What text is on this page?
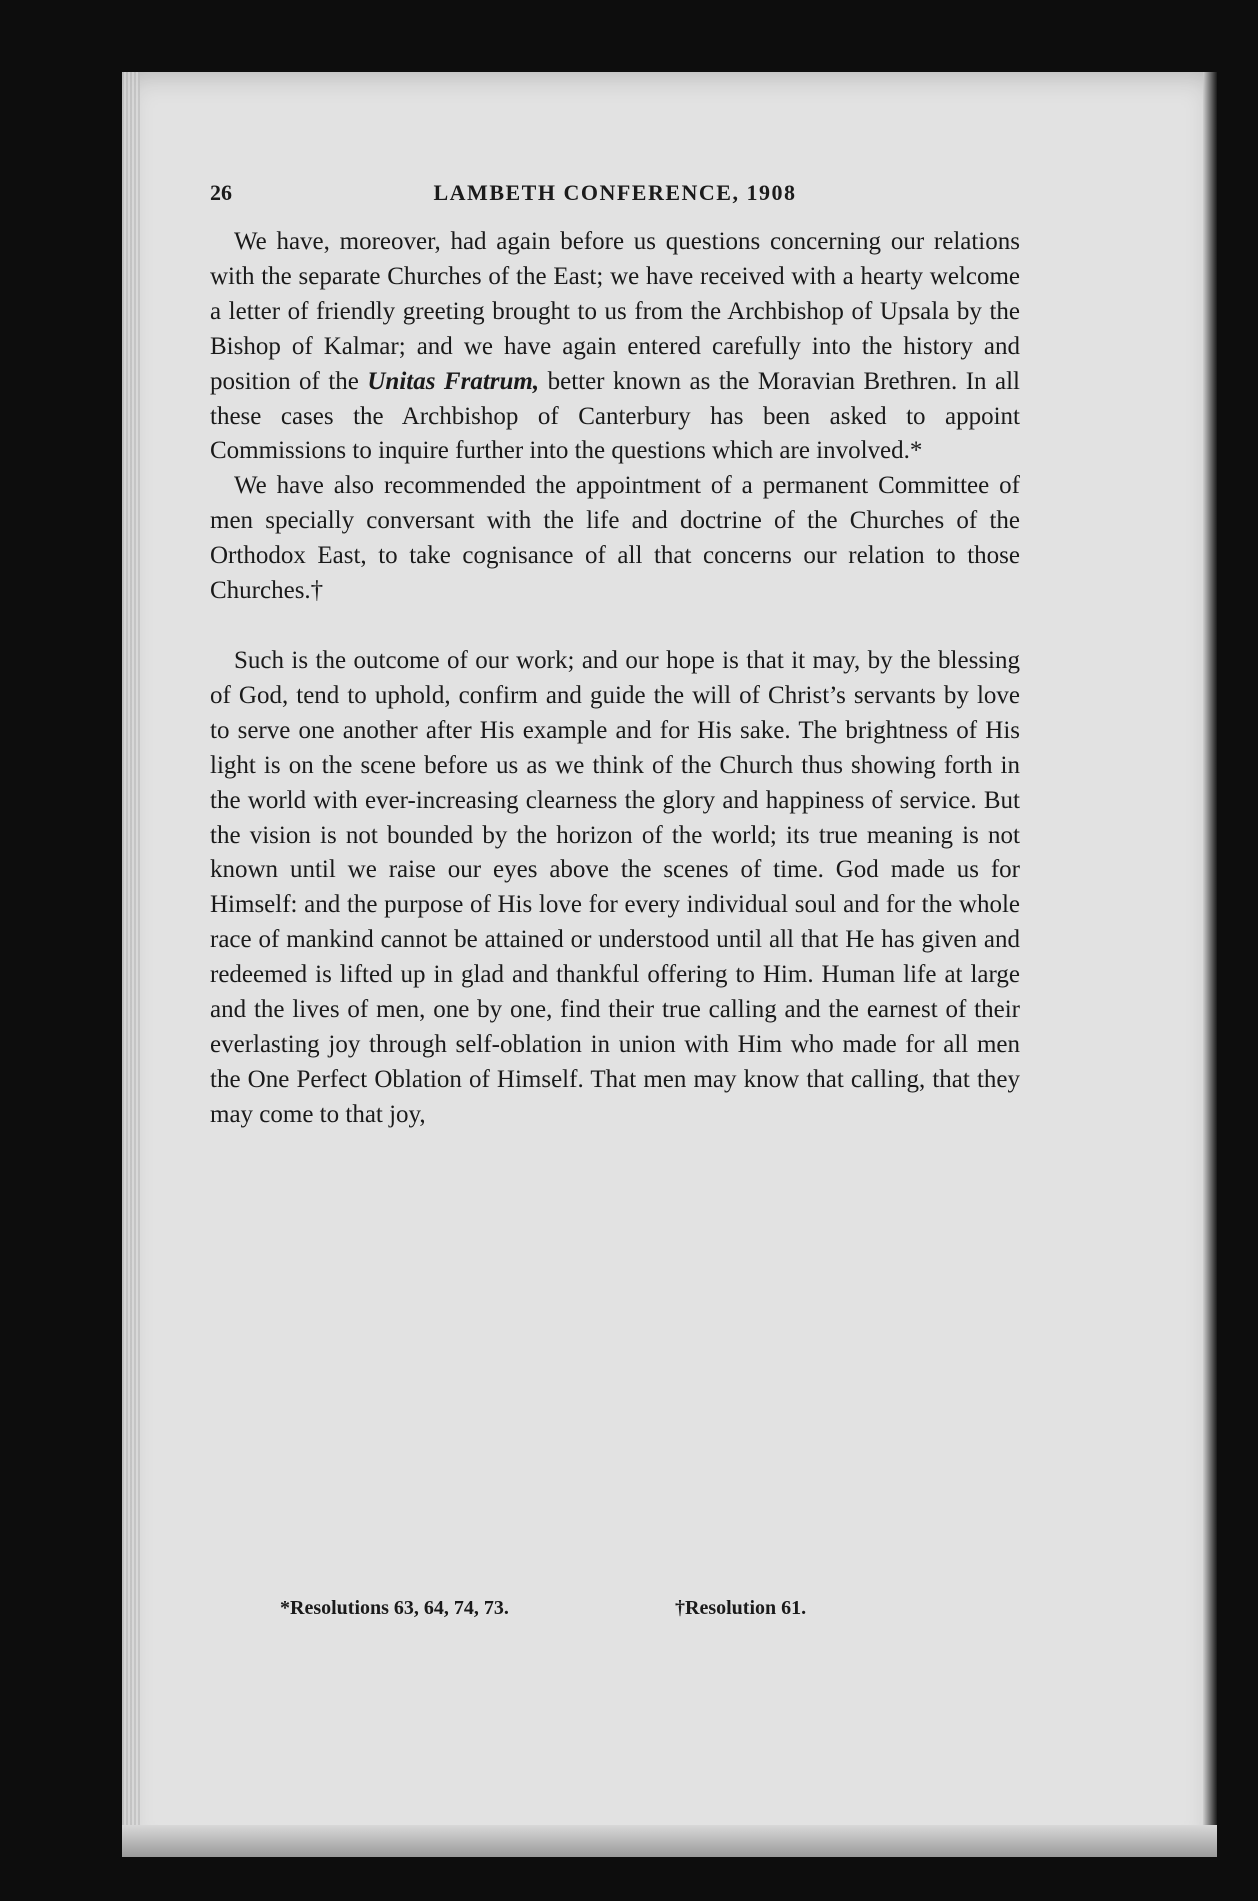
26	LAMBETH CONFERENCE, 1908

We have, moreover, had again before us questions concerning our relations with the separate Churches of the East; we have received with a hearty welcome a letter of friendly greeting brought to us from the Archbishop of Upsala by the Bishop of Kalmar; and we have again entered carefully into the history and position of the Unitas Fratrum, better known as the Moravian Brethren. In all these cases the Archbishop of Canterbury has been asked to appoint Commissions to inquire further into the questions which are involved.*

We have also recommended the appointment of a permanent Committee of men specially conversant with the life and doctrine of the Churches of the Orthodox East, to take cognisance of all that concerns our relation to those Churches.†

Such is the outcome of our work; and our hope is that it may, by the blessing of God, tend to uphold, confirm and guide the will of Christ’s servants by love to serve one another after His example and for His sake. The brightness of His light is on the scene before us as we think of the Church thus showing forth in the world with ever-increasing clearness the glory and happiness of service. But the vision is not bounded by the horizon of the world; its true meaning is not known until we raise our eyes above the scenes of time. God made us for Himself: and the purpose of His love for every individual soul and for the whole race of mankind cannot be attained or understood until all that He has given and redeemed is lifted up in glad and thankful offering to Him. Human life at large and the lives of men, one by one, find their true calling and the earnest of their everlasting joy through self-oblation in union with Him who made for all men the One Perfect Oblation of Himself. That men may know that calling, that they may come to that joy,

*Resolutions 63, 64, 74, 73.	†Resolution 61.
